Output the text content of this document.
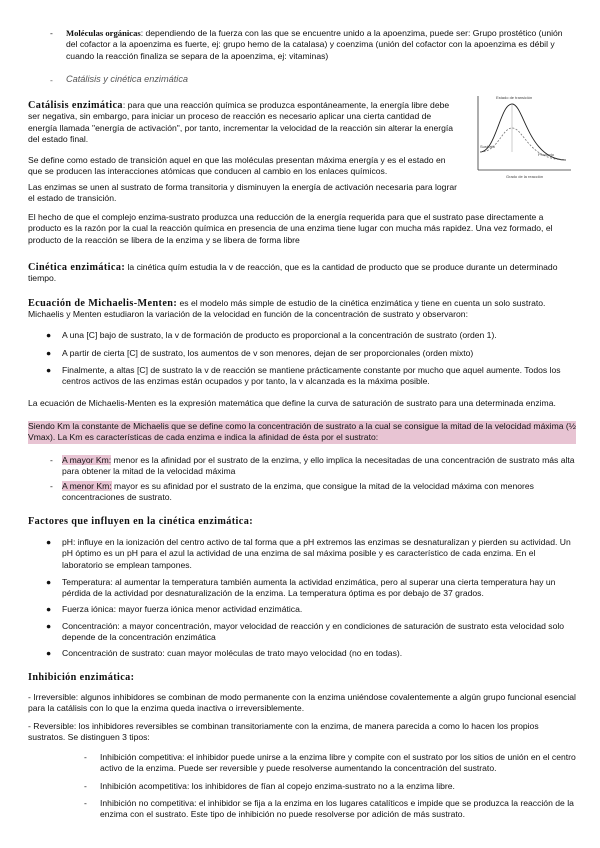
- Moléculas orgánicas: dependiendo de la fuerza con las que se encuentre unido a la apoenzima, puede ser: Grupo prostético (unión del cofactor a la apoenzima es fuerte, ej: grupo hemo de la catalasa) y coenzima (unión del cofactor con la apoenzima es débil y cuando la reacción finaliza se separa de la apoenzima, ej: vitaminas)

- Catálisis y cinética enzimática

Catálisis enzimática: para que una reacción química se produzca espontáneamente, la energía libre debe ser negativa, sin embargo, para iniciar un proceso de reacción es necesario aplicar una cierta cantidad de energía llamada "energía de activación", por tanto, incrementar la velocidad de la reacción sin alterar la energía del estado final.

Se define como estado de transición aquel en que las moléculas presentan máxima energía y es el estado en que se producen las interacciones atómicas que conducen al cambio en los enlaces químicos.

Las enzimas se unen al sustrato de forma transitoria y disminuyen la energía de activación necesaria para lograr el estado de transición.

El hecho de que el complejo enzima-sustrato produzca una reducción de la energía requerida para que el sustrato pase directamente a producto es la razón por la cual la reacción química en presencia de una enzima tiene lugar con mucha más rapidez. Una vez formado, el producto de la reacción se libera de la enzima y se libera de forma libre

Estado de transición
Sustrato
Producto
Grado de la reacción

Cinética enzimática: la cinética quím estudia la v de reacción, que es la cantidad de producto que se produce durante un determinado tiempo.

Ecuación de Michaelis-Menten: es el modelo más simple de estudio de la cinética enzimática y tiene en cuenta un solo sustrato. Michaelis y Menten estudiaron la variación de la velocidad en función de la concentración de sustrato y observaron:

● A una [C] bajo de sustrato, la v de formación de producto es proporcional a la concentración de sustrato (orden 1).

● A partir de cierta [C] de sustrato, los aumentos de v son menores, dejan de ser proporcionales (orden mixto)

● Finalmente, a altas [C] de sustrato la v de reacción se mantiene prácticamente constante por mucho que aquel aumente. Todos los centros activos de las enzimas están ocupados y por tanto, la v alcanzada es la máxima posible.

La ecuación de Michaelis-Menten es la expresión matemática que define la curva de saturación de sustrato para una determinada enzima.

Siendo Km la constante de Michaelis que se define como la concentración de sustrato a la cual se consigue la mitad de la velocidad máxima (½ Vmax). La Km es características de cada enzima e indica la afinidad de ésta por el sustrato:

- A mayor Km: menor es la afinidad por el sustrato de la enzima, y ello implica la necesitadas de una concentración de sustrato más alta para obtener la mitad de la velocidad máxima

- A menor Km: mayor es su afinidad por el sustrato de la enzima, que consigue la mitad de la velocidad máxima con menores concentraciones de sustrato.

Factores que influyen en la cinética enzimática:

● pH: influye en la ionización del centro activo de tal forma que a pH extremos las enzimas se desnaturalizan y pierden su actividad. Un pH óptimo es un pH para el azul la actividad de una enzima de sal máxima posible y es característico de cada enzima. En el laboratorio se emplean tampones.

● Temperatura: al aumentar la temperatura también aumenta la actividad enzimática, pero al superar una cierta temperatura hay un pérdida de la actividad por desnaturalización de la enzima. La temperatura óptima es por debajo de 37 grados.

● Fuerza iónica: mayor fuerza iónica menor actividad enzimática.

● Concentración: a mayor concentración, mayor velocidad de reacción y en condiciones de saturación de sustrato esta velocidad solo depende de la concentración enzimática

● Concentración de sustrato: cuan mayor moléculas de trato mayo velocidad (no en todas).

Inhibición enzimática:

- Irreversible: algunos inhibidores se combinan de modo permanente con la enzima uniéndose covalentemente a algún grupo funcional esencial para la catálisis con lo que la enzima queda inactiva o irreversiblemente.

- Reversible: los inhibidores reversibles se combinan transitoriamente con la enzima, de manera parecida a como lo hacen los propios sustratos. Se distinguen 3 tipos:

- Inhibición competitiva: el inhibidor puede unirse a la enzima libre y compite con el sustrato por los sitios de unión en el centro activo de la enzima. Puede ser reversible y puede resolverse aumentando la concentración del sustrato.

- Inhibición acompetitiva: los inhibidores de fían al copejo enzima-sustrato no a la enzima libre.

- Inhibición no competitiva: el inhibidor se fija a la enzima en los lugares catalíticos e impide que se produzca la reacción de la enzima con el sustrato. Este tipo de inhibición no puede resolverse por adición de más sustrato.
